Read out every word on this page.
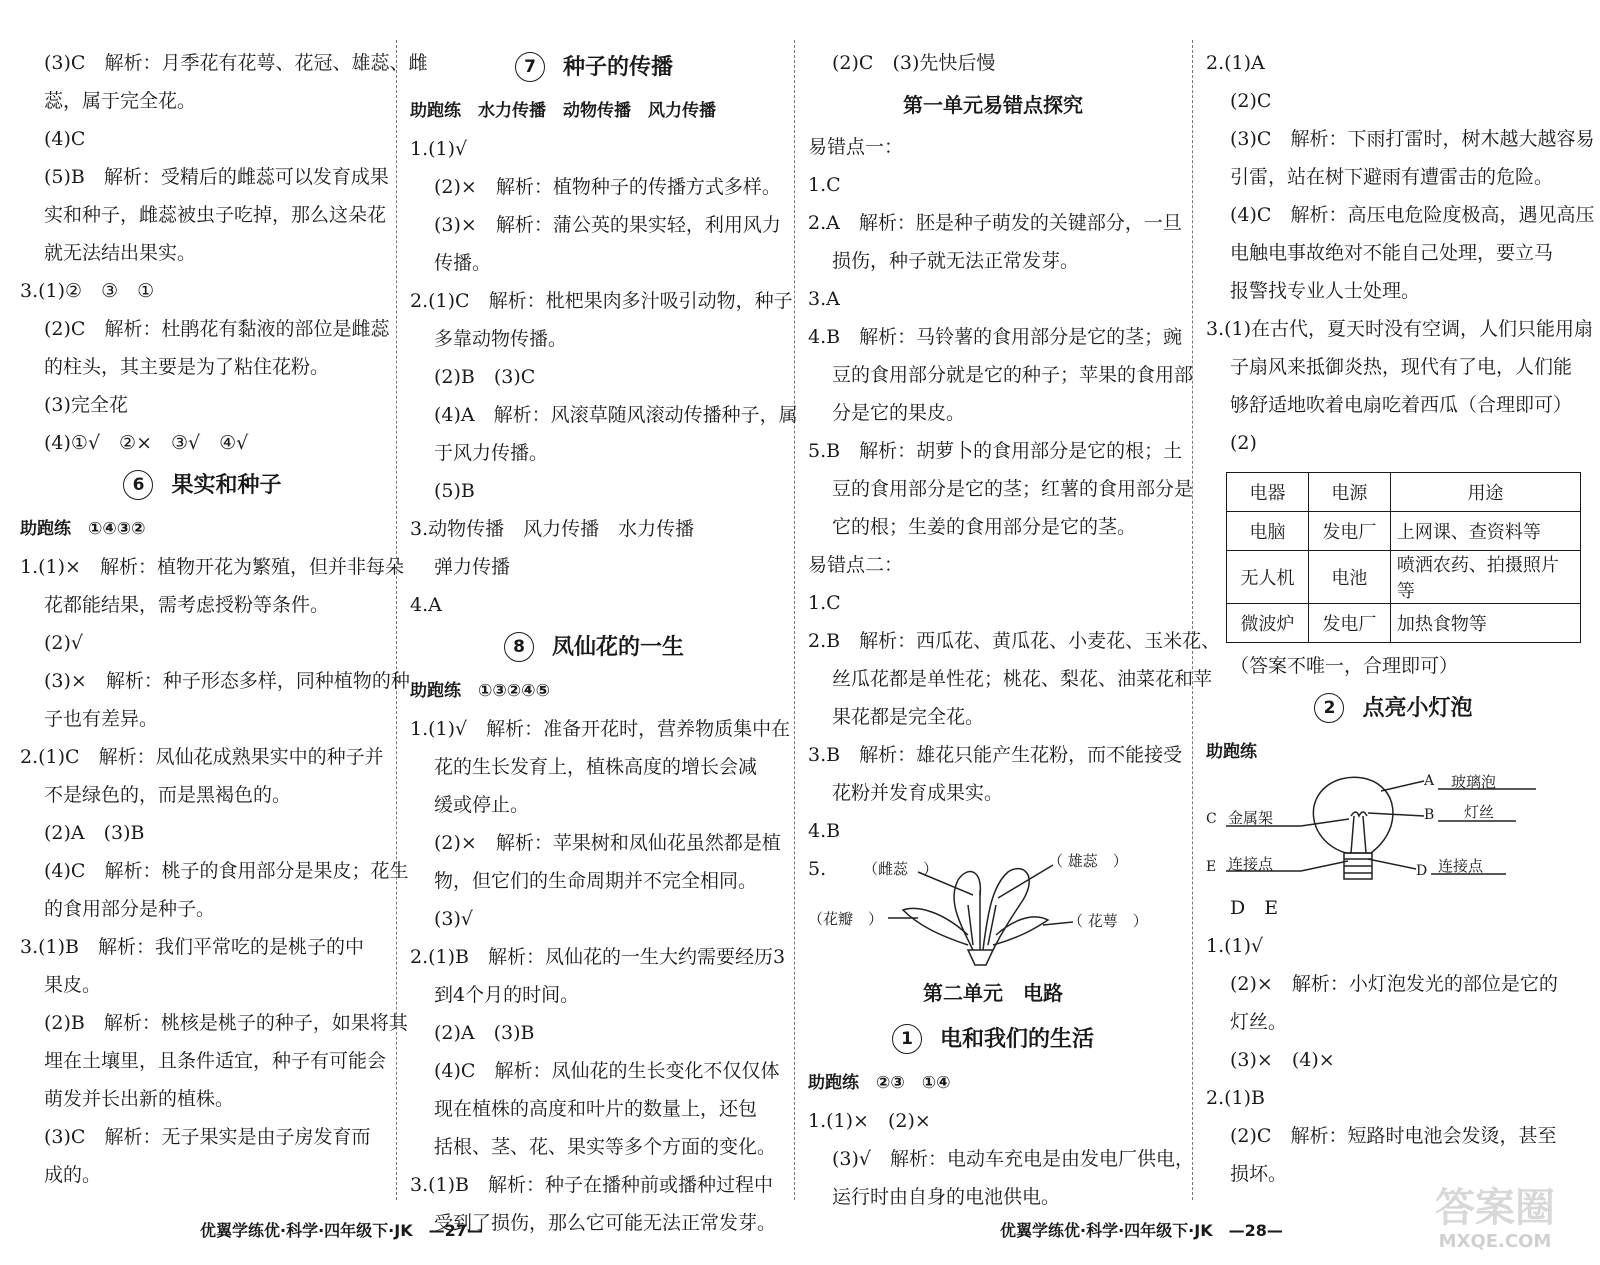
(3)C　解析：月季花有花萼、花冠、雄蕊、雌
蕊，属于完全花。
(4)C
(5)B　解析：受精后的雌蕊可以发育成果
实和种子，雌蕊被虫子吃掉，那么这朵花
就无法结出果实。
3.(1)②　③　①
(2)C　解析：杜鹃花有黏液的部位是雌蕊
的柱头，其主要是为了粘住花粉。
(3)完全花
(4)①√　②×　③√　④√
6 果实和种子
助跑练　①④③②
1.(1)×　解析：植物开花为繁殖，但并非每朵
花都能结果，需考虑授粉等条件。
(2)√
(3)×　解析：种子形态多样，同种植物的种
子也有差异。
2.(1)C　解析：凤仙花成熟果实中的种子并
不是绿色的，而是黑褐色的。
(2)A　(3)B
(4)C　解析：桃子的食用部分是果皮；花生
的食用部分是种子。
3.(1)B　解析：我们平常吃的是桃子的中
果皮。
(2)B　解析：桃核是桃子的种子，如果将其
埋在土壤里，且条件适宜，种子有可能会
萌发并长出新的植株。
(3)C　解析：无子果实是由子房发育而
成的。
7 种子的传播
助跑练　水力传播　动物传播　风力传播
1.(1)√
(2)×　解析：植物种子的传播方式多样。
(3)×　解析：蒲公英的果实轻，利用风力
传播。
2.(1)C　解析：枇杷果肉多汁吸引动物，种子
多靠动物传播。
(2)B　(3)C
(4)A　解析：风滚草随风滚动传播种子，属
于风力传播。
(5)B
3.动物传播　风力传播　水力传播
弹力传播
4.A
8 凤仙花的一生
助跑练　①③②④⑤
1.(1)√　解析：准备开花时，营养物质集中在
花的生长发育上，植株高度的增长会减
缓或停止。
(2)×　解析：苹果树和凤仙花虽然都是植
物，但它们的生命周期并不完全相同。
(3)√
2.(1)B　解析：凤仙花的一生大约需要经历3
到4个月的时间。
(2)A　(3)B
(4)C　解析：凤仙花的生长变化不仅仅体
现在植株的高度和叶片的数量上，还包
括根、茎、花、果实等多个方面的变化。
3.(1)B　解析：种子在播种前或播种过程中
受到了损伤，那么它可能无法正常发芽。
(2)C　(3)先快后慢
第一单元易错点探究
易错点一：
1.C
2.A　解析：胚是种子萌发的关键部分，一旦
损伤，种子就无法正常发芽。
3.A
4.B　解析：马铃薯的食用部分是它的茎；豌
豆的食用部分就是它的种子；苹果的食用部
分是它的果皮。
5.B　解析：胡萝卜的食用部分是它的根；土
豆的食用部分是它的茎；红薯的食用部分是
它的根；生姜的食用部分是它的茎。
易错点二：
1.C
2.B　解析：西瓜花、黄瓜花、小麦花、玉米花、
丝瓜花都是单性花；桃花、梨花、油菜花和苹
果花都是完全花。
3.B　解析：雄花只能产生花粉，而不能接受
花粉并发育成果实。
4.B
5. （雌蕊　）	（ 雄蕊　）
（花瓣　）	（ 花萼　）
第二单元　电路
1 电和我们的生活
助跑练　②③　①④
1.(1)×　(2)×
(3)√　解析：电动车充电是由发电厂供电，
运行时由自身的电池供电。
2.(1)A
(2)C
(3)C　解析：下雨打雷时，树木越大越容易
引雷，站在树下避雨有遭雷击的危险。
(4)C　解析：高压电危险度极高，遇见高压
电触电事故绝对不能自己处理，要立马
报警找专业人士处理。
3.(1)在古代，夏天时没有空调，人们只能用扇
子扇风来抵御炎热，现代有了电，人们能
够舒适地吹着电扇吃着西瓜（合理即可）
(2)
电器	电源	用途
电脑	发电厂	上网课、查资料等
无人机	电池	喷洒农药、拍摄照片等
微波炉	发电厂	加热食物等
（答案不唯一，合理即可）
2 点亮小灯泡
助跑练
A 玻璃泡
B 灯丝
C 金属架
E 连接点	D 连接点
D　E
1.(1)√
(2)×　解析：小灯泡发光的部位是它的
灯丝。
(3)×　(4)×
2.(1)B
(2)C　解析：短路时电池会发烫，甚至
损坏。
优翼学练优·科学·四年级下·JK　—27—	优翼学练优·科学·四年级下·JK　—28—	答案圈
MXQE.COM
